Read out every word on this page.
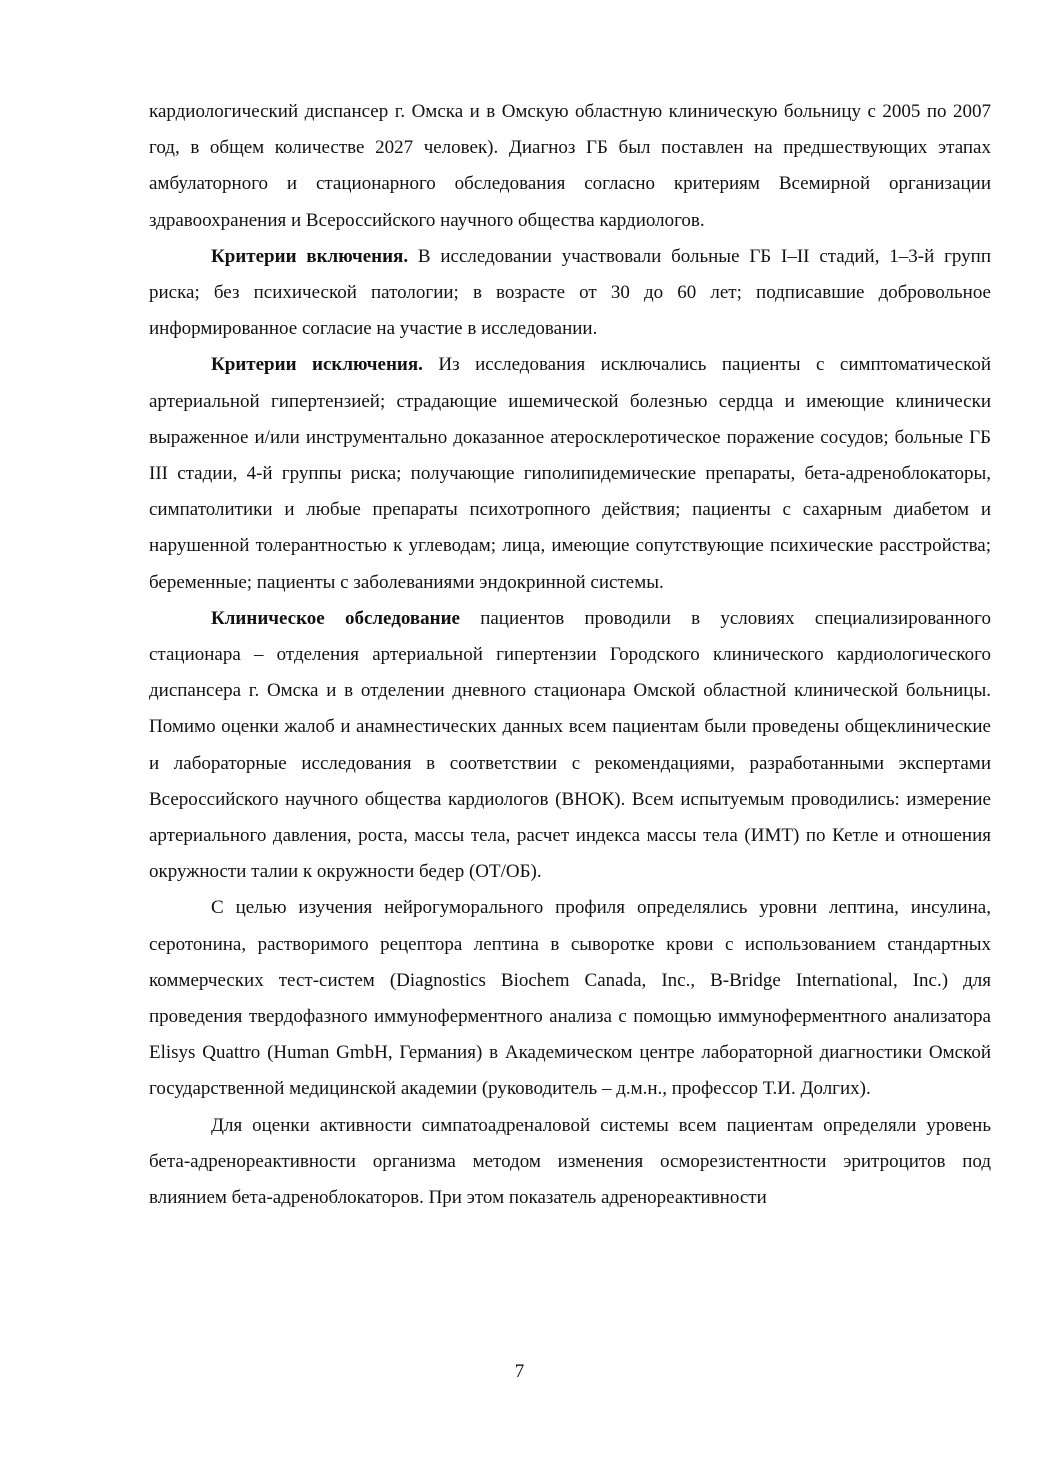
кардиологический диспансер г. Омска и в Омскую областную клиническую больницу с 2005 по 2007 год, в общем количестве 2027 человек). Диагноз ГБ был поставлен на предшествующих этапах амбулаторного и стационарного обследования согласно критериям Всемирной организации здравоохранения и Всероссийского научного общества кардиологов.

Критерии включения. В исследовании участвовали больные ГБ I–II стадий, 1–3-й групп риска; без психической патологии; в возрасте от 30 до 60 лет; подписавшие добровольное информированное согласие на участие в исследовании.

Критерии исключения. Из исследования исключались пациенты с симптоматической артериальной гипертензией; страдающие ишемической болезнью сердца и имеющие клинически выраженное и/или инструментально доказанное атеросклеротическое поражение сосудов; больные ГБ III стадии, 4-й группы риска; получающие гиполипидемические препараты, бета-адреноблокаторы, симпатолитики и любые препараты психотропного действия; пациенты с сахарным диабетом и нарушенной толерантностью к углеводам; лица, имеющие сопутствующие психические расстройства; беременные; пациенты с заболеваниями эндокринной системы.

Клиническое обследование пациентов проводили в условиях специализированного стационара – отделения артериальной гипертензии Городского клинического кардиологического диспансера г. Омска и в отделении дневного стационара Омской областной клинической больницы. Помимо оценки жалоб и анамнестических данных всем пациентам были проведены общеклинические и лабораторные исследования в соответствии с рекомендациями, разработанными экспертами Всероссийского научного общества кардиологов (ВНОК). Всем испытуемым проводились: измерение артериального давления, роста, массы тела, расчет индекса массы тела (ИМТ) по Кетле и отношения окружности талии к окружности бедер (ОТ/ОБ).

С целью изучения нейрогуморального профиля определялись уровни лептина, инсулина, серотонина, растворимого рецептора лептина в сыворотке крови с использованием стандартных коммерческих тест-систем (Diagnostics Biochem Canada, Inc., B-Bridge International, Inc.) для проведения твердофазного иммуноферментного анализа с помощью иммуноферментного анализатора Elisys Quattro (Human GmbH, Германия) в Академическом центре лабораторной диагностики Омской государственной медицинской академии (руководитель – д.м.н., профессор Т.И. Долгих).

Для оценки активности симпатоадреналовой системы всем пациентам определяли уровень бета-адренореактивности организма методом изменения осморезистентности эритроцитов под влиянием бета-адреноблокаторов. При этом показатель адренореактивности

7
